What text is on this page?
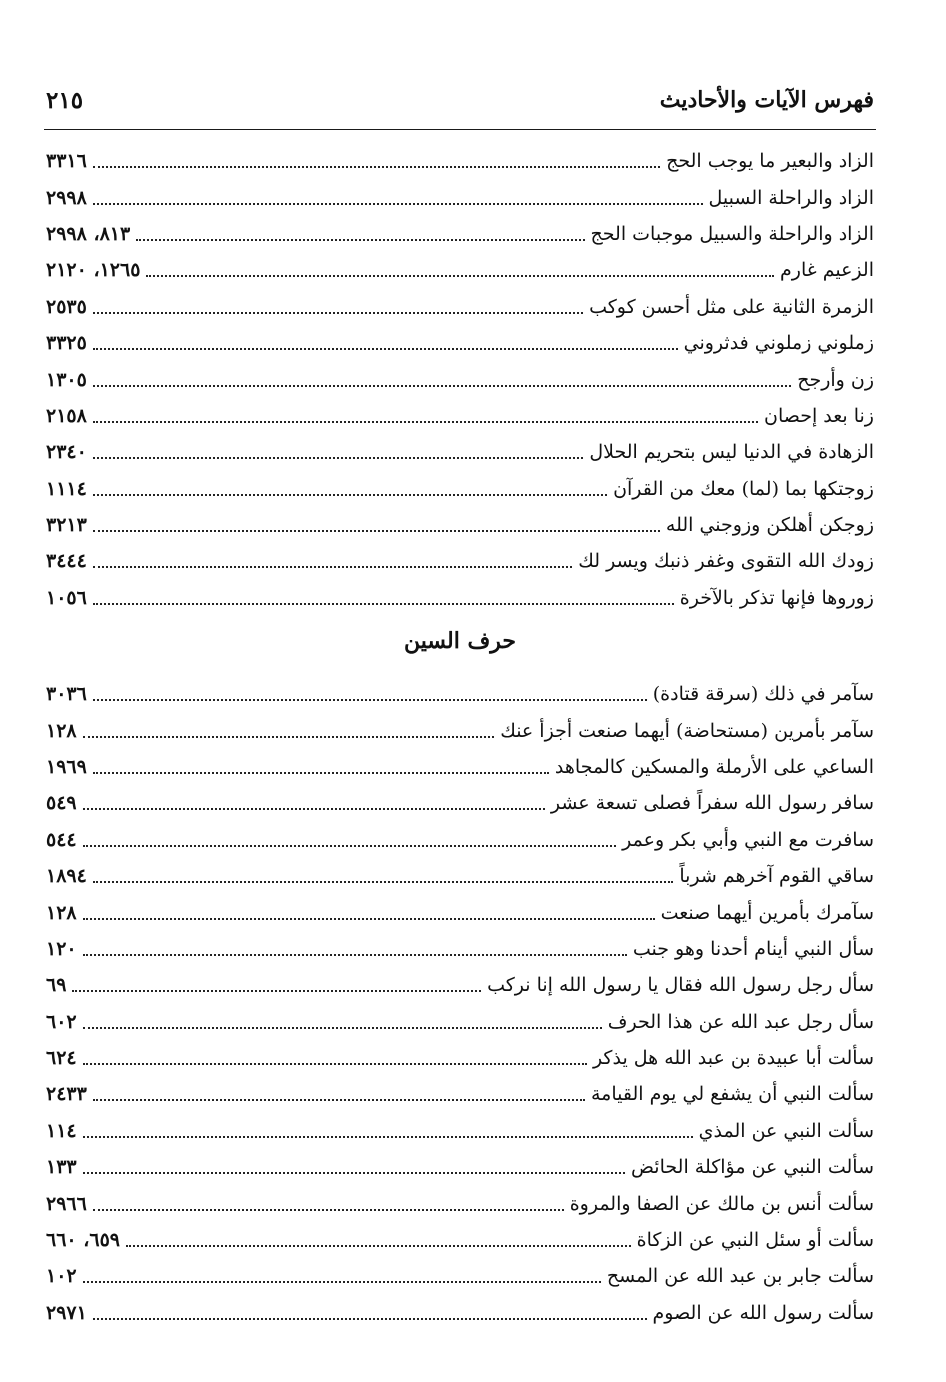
فهرس الآيات والأحاديث
٢١٥
الزاد والبعير ما يوجب الحج
٣٣١٦
الزاد والراحلة السبيل
٢٩٩٨
الزاد والراحلة والسبيل موجبات الحج
٨١٣، ٢٩٩٨
الزعيم غارم
١٢٦٥، ٢١٢٠
الزمرة الثانية على مثل أحسن كوكب
٢٥٣٥
زملوني زملوني فدثروني
٣٣٢٥
زن وأرجح
١٣٠٥
زنا بعد إحصان
٢١٥٨
الزهادة في الدنيا ليس بتحريم الحلال
٢٣٤٠
زوجتكها بما (لما) معك من القرآن
١١١٤
زوجكن أهلكن وزوجني الله
٣٢١٣
زودك الله التقوى وغفر ذنبك ويسر لك
٣٤٤٤
زوروها فإنها تذكر بالآخرة
١٠٥٦
حرف السين
سآمر في ذلك (سرقة قتادة)
٣٠٣٦
سآمر بأمرين (مستحاضة) أيهما صنعت أجزأ عنك
١٢٨
الساعي على الأرملة والمسكين كالمجاهد
١٩٦٩
سافر رسول الله سفراً فصلى تسعة عشر
٥٤٩
سافرت مع النبي وأبي بكر وعمر
٥٤٤
ساقي القوم آخرهم شرباً
١٨٩٤
سآمرك بأمرين أيهما صنعت
١٢٨
سأل النبي أينام أحدنا وهو جنب
١٢٠
سأل رجل رسول الله فقال يا رسول الله إنا نركب
٦٩
سأل رجل عبد الله عن هذا الحرف
٦٠٢
سألت أبا عبيدة بن عبد الله هل يذكر
٦٢٤
سألت النبي أن يشفع لي يوم القيامة
٢٤٣٣
سألت النبي عن المذي
١١٤
سألت النبي عن مؤاكلة الحائض
١٣٣
سألت أنس بن مالك عن الصفا والمروة
٢٩٦٦
سألت أو سئل النبي عن الزكاة
٦٥٩، ٦٦٠
سألت جابر بن عبد الله عن المسح
١٠٢
سألت رسول الله عن الصوم
٢٩٧١
